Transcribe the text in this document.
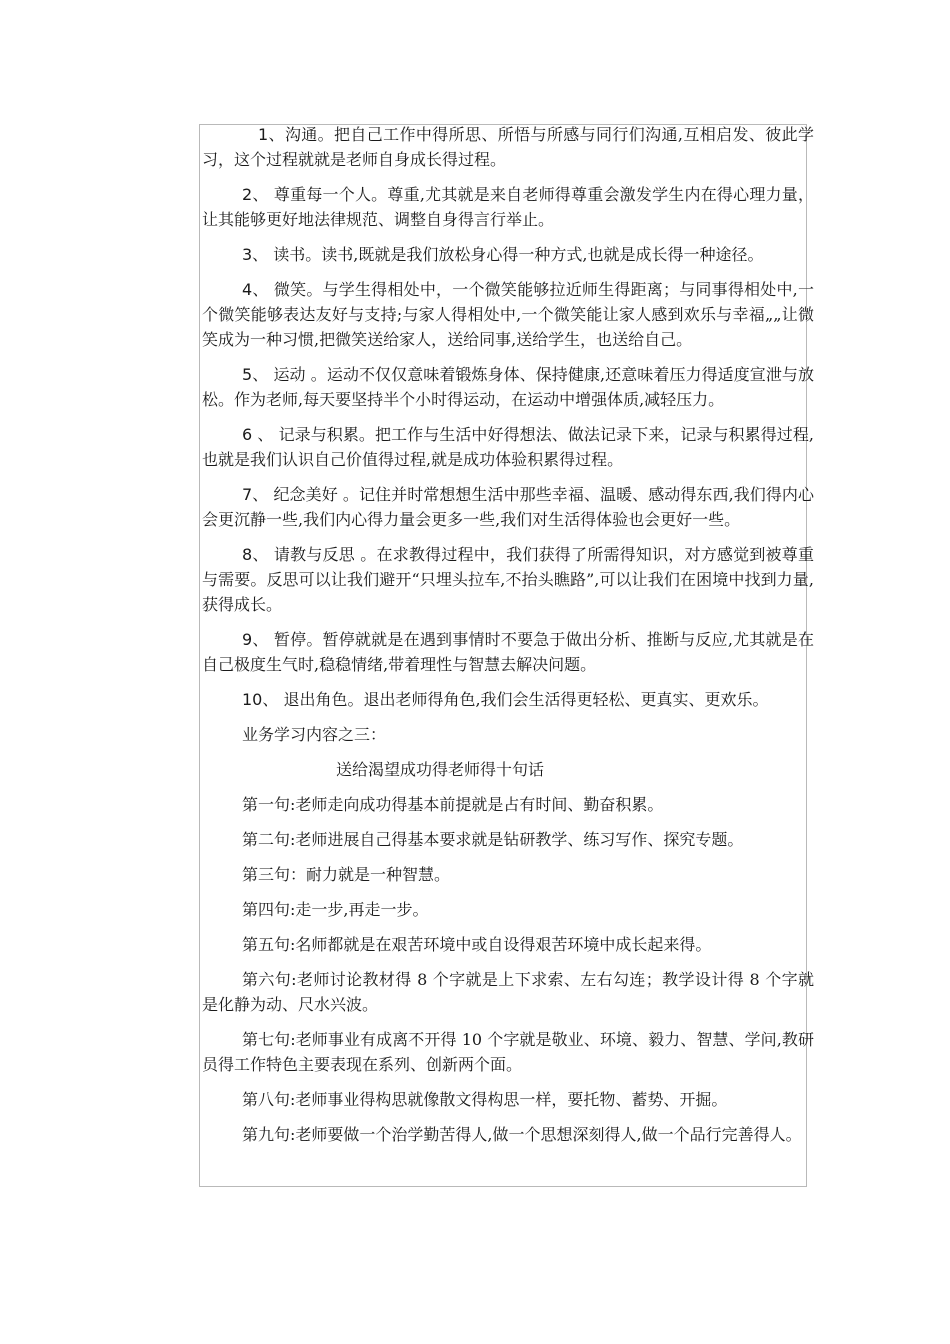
1、沟通。把自己工作中得所思、所悟与所感与同行们沟通,互相启发、彼此学习，这个过程就就是老师自身成长得过程。

2、 尊重每一个人。尊重,尤其就是来自老师得尊重会激发学生内在得心理力量，让其能够更好地法律规范、调整自身得言行举止。

3、 读书。读书,既就是我们放松身心得一种方式,也就是成长得一种途径。

4、 微笑。与学生得相处中，一个微笑能够拉近师生得距离；与同事得相处中,一个微笑能够表达友好与支持;与家人得相处中,一个微笑能让家人感到欢乐与幸福„„让微笑成为一种习惯,把微笑送给家人，送给同事,送给学生，也送给自己。

5、 运动 。运动不仅仅意味着锻炼身体、保持健康,还意味着压力得适度宣泄与放松。作为老师,每天要坚持半个小时得运动，在运动中增强体质,减轻压力。

6 、 记录与积累。把工作与生活中好得想法、做法记录下来，记录与积累得过程,也就是我们认识自己价值得过程,就是成功体验积累得过程。

7、 纪念美好 。记住并时常想想生活中那些幸福、温暖、感动得东西,我们得内心会更沉静一些,我们内心得力量会更多一些,我们对生活得体验也会更好一些。

8、 请教与反思 。在求教得过程中，我们获得了所需得知识，对方感觉到被尊重与需要。反思可以让我们避开“只埋头拉车,不抬头瞧路”,可以让我们在困境中找到力量,获得成长。

9、 暂停。暂停就就是在遇到事情时不要急于做出分析、推断与反应,尤其就是在自己极度生气时,稳稳情绪,带着理性与智慧去解决问题。

10、 退出角色。退出老师得角色,我们会生活得更轻松、更真实、更欢乐。

业务学习内容之三：

送给渴望成功得老师得十句话

第一句:老师走向成功得基本前提就是占有时间、勤奋积累。

第二句:老师进展自己得基本要求就是钻研教学、练习写作、探究专题。

第三句：耐力就是一种智慧。

第四句:走一步,再走一步。

第五句:名师都就是在艰苦环境中或自设得艰苦环境中成长起来得。

第六句:老师讨论教材得 8 个字就是上下求索、左右勾连；教学设计得 8 个字就是化静为动、尺水兴波。

第七句:老师事业有成离不开得 10 个字就是敬业、环境、毅力、智慧、学问,教研员得工作特色主要表现在系列、创新两个面。

第八句:老师事业得构思就像散文得构思一样，要托物、蓄势、开掘。

第九句:老师要做一个治学勤苦得人,做一个思想深刻得人,做一个品行完善得人。
